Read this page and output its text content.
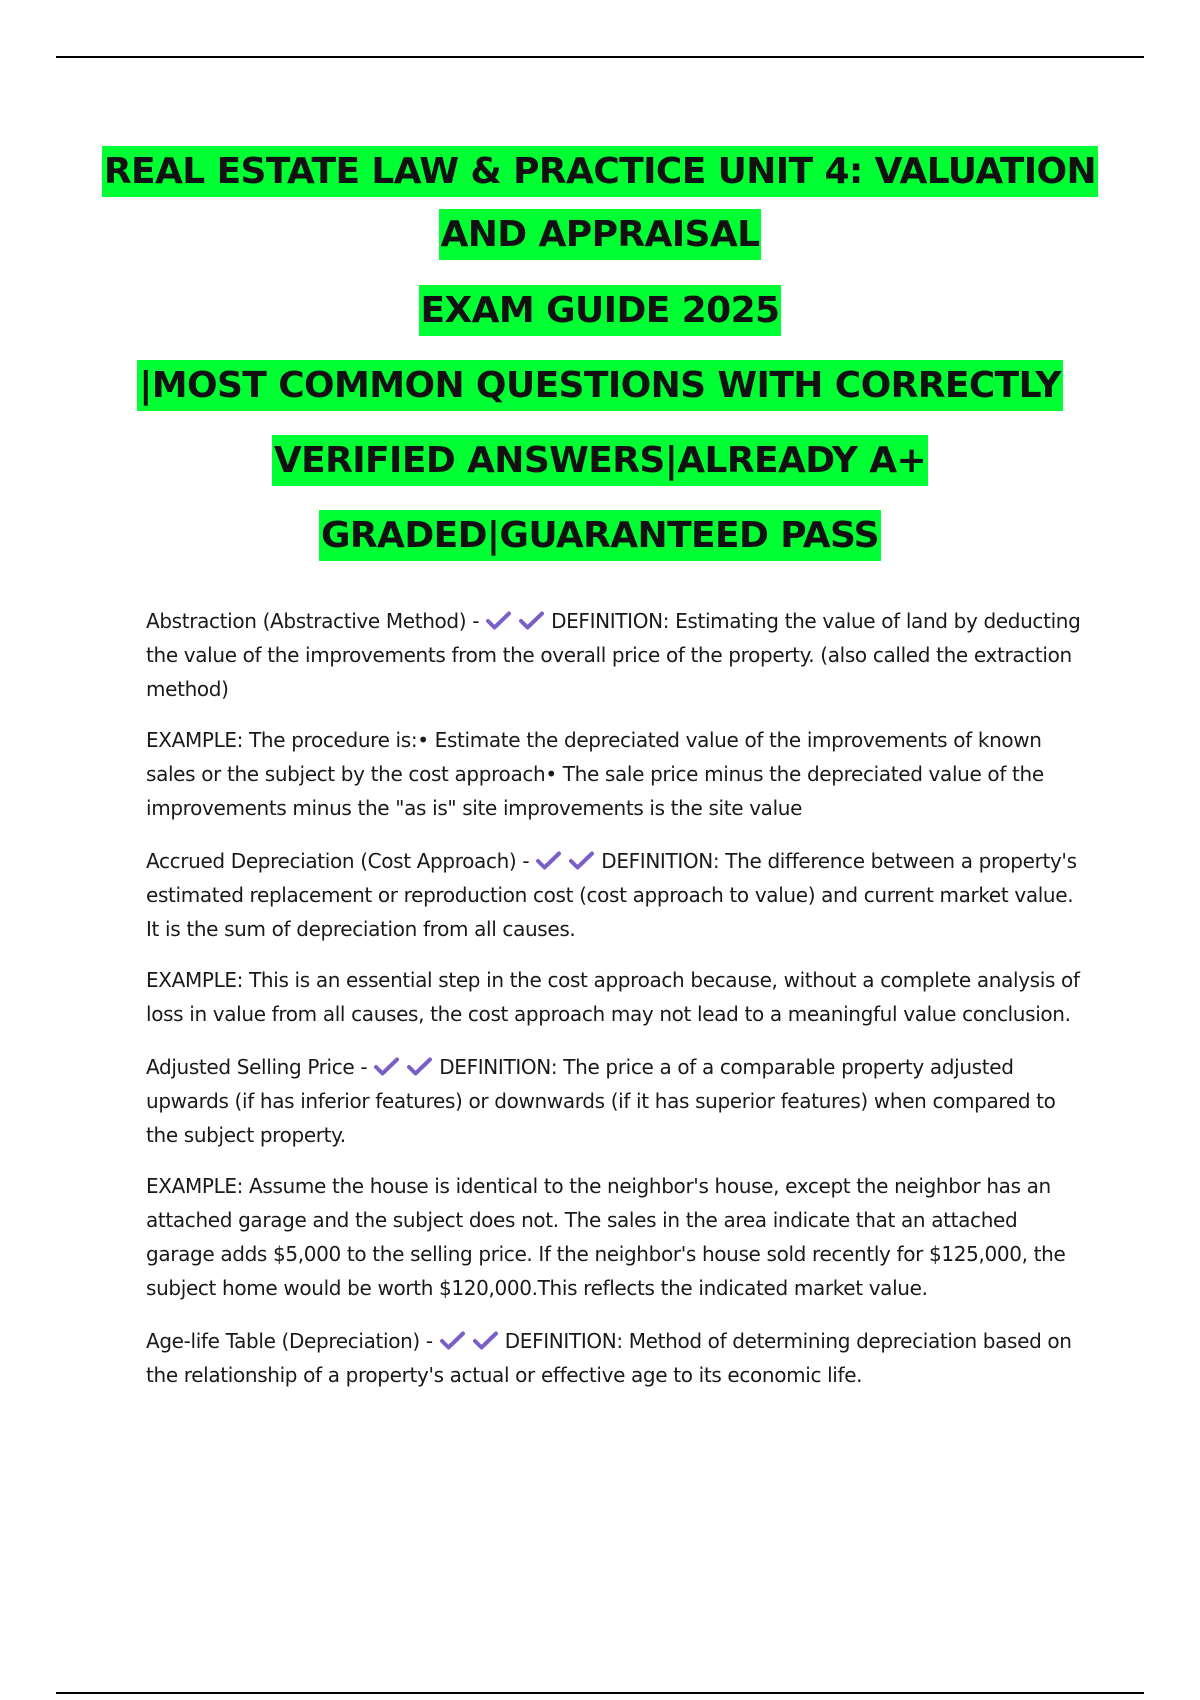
REAL ESTATE LAW & PRACTICE UNIT 4: VALUATION
AND APPRAISAL
EXAM GUIDE 2025
|MOST COMMON QUESTIONS WITH CORRECTLY
VERIFIED ANSWERS|ALREADY A+
GRADED|GUARANTEED PASS

Abstraction (Abstractive Method) -	DEFINITION: Estimating the value of land by deducting the value of the improvements from the overall price of the property. (also called the extraction method)

EXAMPLE: The procedure is:• Estimate the depreciated value of the improvements of known sales or the subject by the cost approach• The sale price minus the depreciated value of the improvements minus the "as is" site improvements is the site value

Accrued Depreciation (Cost Approach) -	DEFINITION: The difference between a property's estimated replacement or reproduction cost (cost approach to value) and current market value. It is the sum of depreciation from all causes.

EXAMPLE: This is an essential step in the cost approach because, without a complete analysis of loss in value from all causes, the cost approach may not lead to a meaningful value conclusion.

Adjusted Selling Price -	DEFINITION: The price a of a comparable property adjusted upwards (if has inferior features) or downwards (if it has superior features) when compared to the subject property.

EXAMPLE: Assume the house is identical to the neighbor's house, except the neighbor has an attached garage and the subject does not. The sales in the area indicate that an attached garage adds $5,000 to the selling price. If the neighbor's house sold recently for $125,000, the subject home would be worth $120,000.This reflects the indicated market value.

Age-life Table (Depreciation) -	DEFINITION: Method of determining depreciation based on the relationship of a property's actual or effective age to its economic life.
